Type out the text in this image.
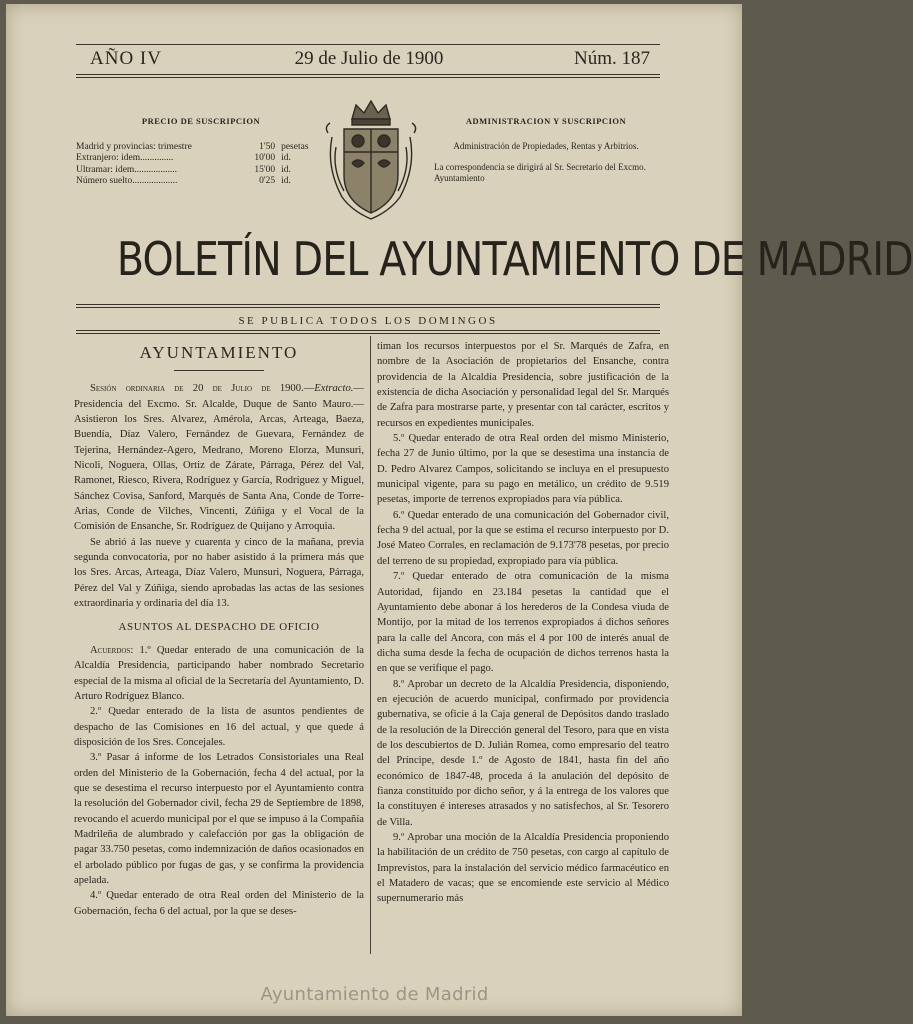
AÑO IV	29 de Julio de 1900	Núm. 187
PRECIO DE SUSCRIPCION
Madrid y provincias: trimestre	1'50 pesetas
Extranjero: idem..............	10'00 id.
Ultramar: idem..................	15'00 id.
Número suelto...................	0'25 id.
ADMINISTRACION Y SUSCRIPCION
Administración de Propiedades, Rentas y Arbitrios.
La correspondencia se dirigirá al Sr. Secretario del Excmo. Ayuntamiento
BOLETÍN DEL AYUNTAMIENTO DE MADRID
SE PUBLICA TODOS LOS DOMINGOS
AYUNTAMIENTO

Sesión ordinaria de 20 de Julio de 1900.—Extracto.—Presidencia del Excmo. Sr. Alcalde, Duque de Santo Mauro.—Asistieron los Sres. Alvarez, Amérola, Arcas, Arteaga, Baeza, Buendía, Díaz Valero, Fernández de Guevara, Fernández de Tejerina, Hernández-Agero, Medrano, Moreno Elorza, Munsuri, Nicoli, Noguera, Ollas, Ortiz de Zárate, Párraga, Pérez del Val, Ramonet, Riesco, Rivera, Rodríguez y García, Rodríguez y Miguel, Sánchez Covisa, Sanford, Marqués de Santa Ana, Conde de Torre-Arias, Conde de Vilches, Vincenti, Zúñiga y el Vocal de la Comisión de Ensanche, Sr. Rodríguez de Quijano y Arroquia.

Se abrió á las nueve y cuarenta y cinco de la mañana, previa segunda convocatoria, por no haber asistido á la primera más que los Sres. Arcas, Arteaga, Díaz Valero, Munsuri, Noguera, Párraga, Pérez del Val y Zúñiga, siendo aprobadas las actas de las sesiones extraordinaria y ordinaria del día 13.

ASUNTOS AL DESPACHO DE OFICIO

Acuerdos: 1.º Quedar enterado de una comunicación de la Alcaldía Presidencia, participando haber nombrado Secretario especial de la misma al oficial de la Secretaría del Ayuntamiento, D. Arturo Rodríguez Blanco.

2.º Quedar enterado de la lista de asuntos pendientes de despacho de las Comisiones en 16 del actual, y que quede á disposición de los Sres. Concejales.

3.º Pasar á informe de los Letrados Consistoriales una Real orden del Ministerio de la Gobernación, fecha 4 del actual, por la que se desestima el recurso interpuesto por el Ayuntamiento contra la resolución del Gobernador civil, fecha 29 de Septiembre de 1898, revocando el acuerdo municipal por el que se impuso á la Compañía Madrileña de alumbrado y calefacción por gas la obligación de pagar 33.750 pesetas, como indemnización de daños ocasionados en el arbolado público por fugas de gas, y se confirma la providencia apelada.

4.º Quedar enterado de otra Real orden del Ministerio de la Gobernación, fecha 6 del actual, por la que se deses-

timan los recursos interpuestos por el Sr. Marqués de Zafra, en nombre de la Asociación de propietarios del Ensanche, contra providencia de la Alcaldía Presidencia, sobre justificación de la existencia de dicha Asociación y personalidad legal del Sr. Marqués de Zafra para mostrarse parte, y presentar con tal carácter, escritos y recursos en expedientes municipales.

5.º Quedar enterado de otra Real orden del mismo Ministerio, fecha 27 de Junio último, por la que se desestima una instancia de D. Pedro Alvarez Campos, solicitando se incluya en el presupuesto municipal vigente, para su pago en metálico, un crédito de 9.519 pesetas, importe de terrenos expropiados para vía pública.

6.º Quedar enterado de una comunicación del Gobernador civil, fecha 9 del actual, por la que se estima el recurso interpuesto por D. José Mateo Corrales, en reclamación de 9.173'78 pesetas, por precio del terreno de su propiedad, expropiado para vía pública.

7.º Quedar enterado de otra comunicación de la misma Autoridad, fijando en 23.184 pesetas la cantidad que el Ayuntamiento debe abonar á los herederos de la Condesa viuda de Montijo, por la mitad de los terrenos expropiados á dichos señores para la calle del Ancora, con más el 4 por 100 de interés anual de dicha suma desde la fecha de ocupación de dichos terrenos hasta la en que se verifique el pago.

8.º Aprobar un decreto de la Alcaldía Presidencia, disponiendo, en ejecución de acuerdo municipal, confirmado por providencia gubernativa, se oficie á la Caja general de Depósitos dando traslado de la resolución de la Dirección general del Tesoro, para que en vista de los descubiertos de D. Julián Romea, como empresario del teatro del Príncipe, desde 1.º de Agosto de 1841, hasta fin del año económico de 1847-48, proceda á la anulación del depósito de fianza constituído por dicho señor, y á la entrega de los valores que la constituyen é intereses atrasados y no satisfechos, al Sr. Tesorero de Villa.

9.º Aprobar una moción de la Alcaldía Presidencia proponiendo la habilitación de un crédito de 750 pesetas, con cargo al capítulo de Imprevistos, para la instalación del servicio médico farmacéutico en el Matadero de vacas; que se encomiende este servicio al Médico supernumerario más

Ayuntamiento de Madrid
